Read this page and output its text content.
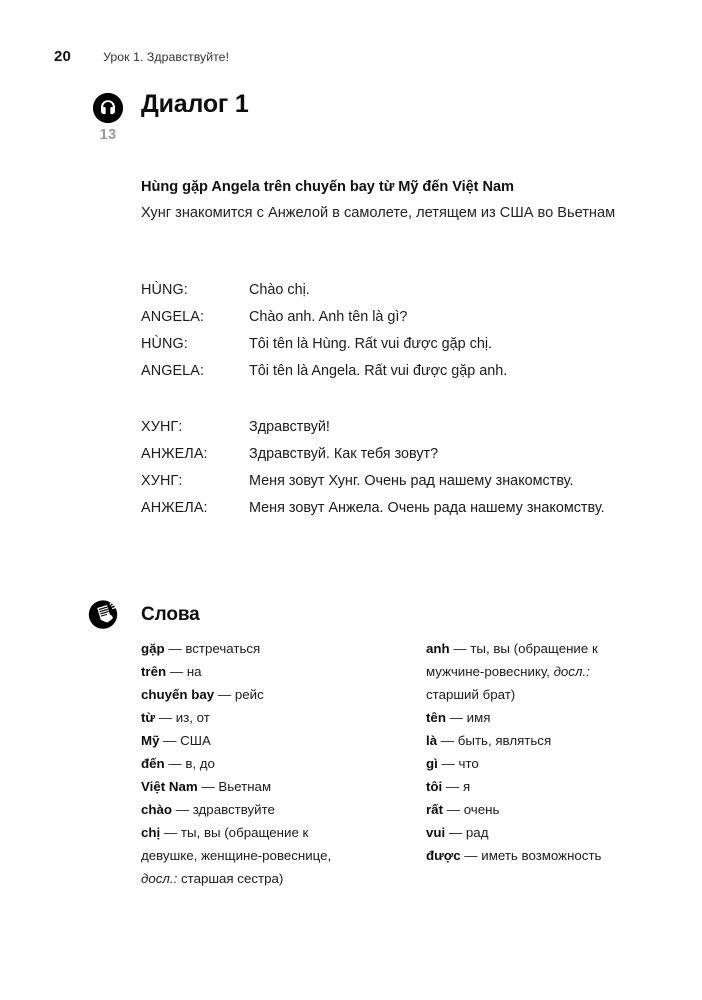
20	Урок 1. Здравствуйте!
13
Диалог 1
Hùng gặp Angela trên chuyến bay từ Mỹ đến Việt Nam
Хунг знакомится с Анжелой в самолете, летящем из США во Вьетнам
HÙNG:	Chào chị.
ANGELA:	Chào anh. Anh tên là gì?
HÙNG:	Tôi tên là Hùng. Rất vui được gặp chị.
ANGELA:	Tôi tên là Angela. Rất vui được gặp anh.
ХУНГ:	Здравствуй!
АНЖЕЛА:	Здравствуй. Как тебя зовут?
ХУНГ:	Меня зовут Хунг. Очень рад нашему знакомству.
АНЖЕЛА:	Меня зовут Анжела. Очень рада нашему знакомству.
Слова
gặp — встречаться
trên — на
chuyến bay — рейс
từ — из, от
Mỹ — США
đến — в, до
Việt Nam — Вьетнам
chào — здравствуйте
chị — ты, вы (обращение к девушке, женщине-ровеснице, досл.: старшая сестра)
anh — ты, вы (обращение к мужчине-ровеснику, досл.: старший брат)
tên — имя
là — быть, являться
gì — что
tôi — я
rất — очень
vui — рад
được — иметь возможность
